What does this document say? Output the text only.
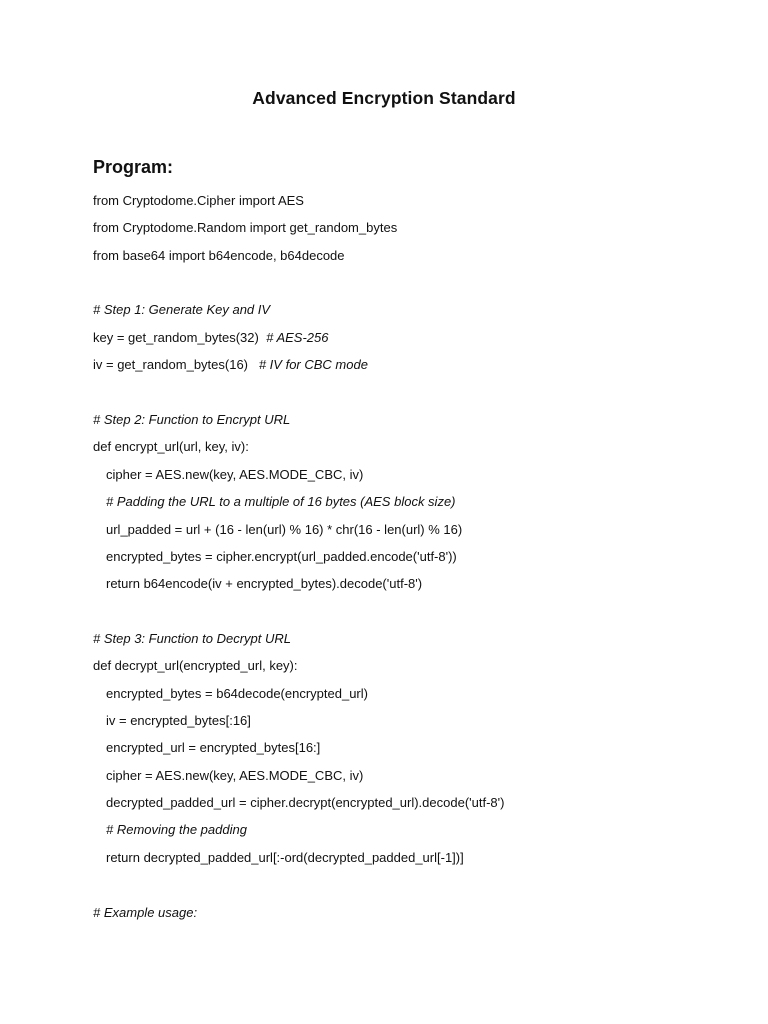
Advanced Encryption Standard
Program:
from Cryptodome.Cipher import AES
from Cryptodome.Random import get_random_bytes
from base64 import b64encode, b64decode
# Step 1: Generate Key and IV
key = get_random_bytes(32)  # AES-256
iv = get_random_bytes(16)   # IV for CBC mode
# Step 2: Function to Encrypt URL
def encrypt_url(url, key, iv):
cipher = AES.new(key, AES.MODE_CBC, iv)
# Padding the URL to a multiple of 16 bytes (AES block size)
url_padded = url + (16 - len(url) % 16) * chr(16 - len(url) % 16)
encrypted_bytes = cipher.encrypt(url_padded.encode('utf-8'))
return b64encode(iv + encrypted_bytes).decode('utf-8')
# Step 3: Function to Decrypt URL
def decrypt_url(encrypted_url, key):
encrypted_bytes = b64decode(encrypted_url)
iv = encrypted_bytes[:16]
encrypted_url = encrypted_bytes[16:]
cipher = AES.new(key, AES.MODE_CBC, iv)
decrypted_padded_url = cipher.decrypt(encrypted_url).decode('utf-8')
# Removing the padding
return decrypted_padded_url[:-ord(decrypted_padded_url[-1])]
# Example usage:
